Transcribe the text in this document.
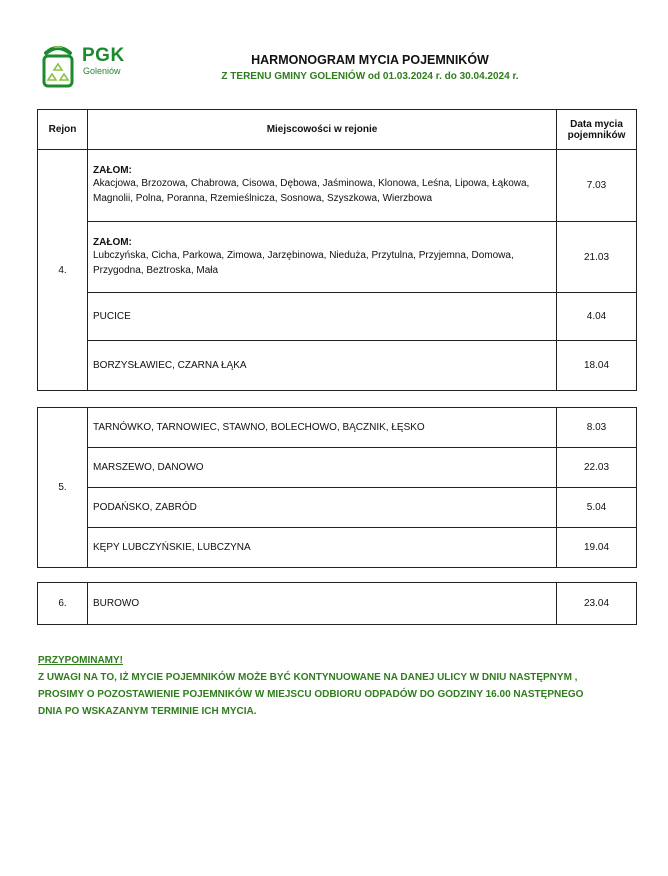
PGK
Goleniów
HARMONOGRAM MYCIA POJEMNIKÓW
Z TERENU GMINY GOLENIÓW od 01.03.2024 r. do 30.04.2024 r.
Rejon	Miejscowości w rejonie	Data mycia
pojemników

4.	ZAŁOM:
Akacjowa, Brzozowa, Chabrowa, Cisowa, Dębowa, Jaśminowa, Klonowa, Leśna, Lipowa, Łąkowa, Magnolii, Polna, Poranna, Rzemieślnicza, Sosnowa, Szyszkowa, Wierzbowa	7.03

	ZAŁOM:
Lubczyńska, Cicha, Parkowa, Zimowa, Jarzębinowa, Nieduża, Przytulna, Przyjemna, Domowa, Przygodna, Beztroska, Mała	21.03
	PUCICE	4.04
	BORZYSŁAWIEC, CZARNA ŁĄKA	18.04
5.	TARNÓWKO, TARNOWIEC, STAWNO, BOLECHOWO, BĄCZNIK, ŁĘSKO	8.03
	MARSZEWO, DANOWO	22.03
	PODAŃSKO, ZABRÓD	5.04
	KĘPY LUBCZYŃSKIE, LUBCZYNA	19.04
6.	BUROWO	23.04
PRZYPOMINAMY!
Z UWAGI NA TO, IŻ MYCIE POJEMNIKÓW MOŻE BYĆ KONTYNUOWANE NA DANEJ ULICY W DNIU NASTĘPNYM ,
PROSIMY O POZOSTAWIENIE POJEMNIKÓW W MIEJSCU ODBIORU ODPADÓW DO GODZINY 16.00 NASTĘPNEGO
DNIA PO WSKAZANYM TERMINIE ICH MYCIA.
